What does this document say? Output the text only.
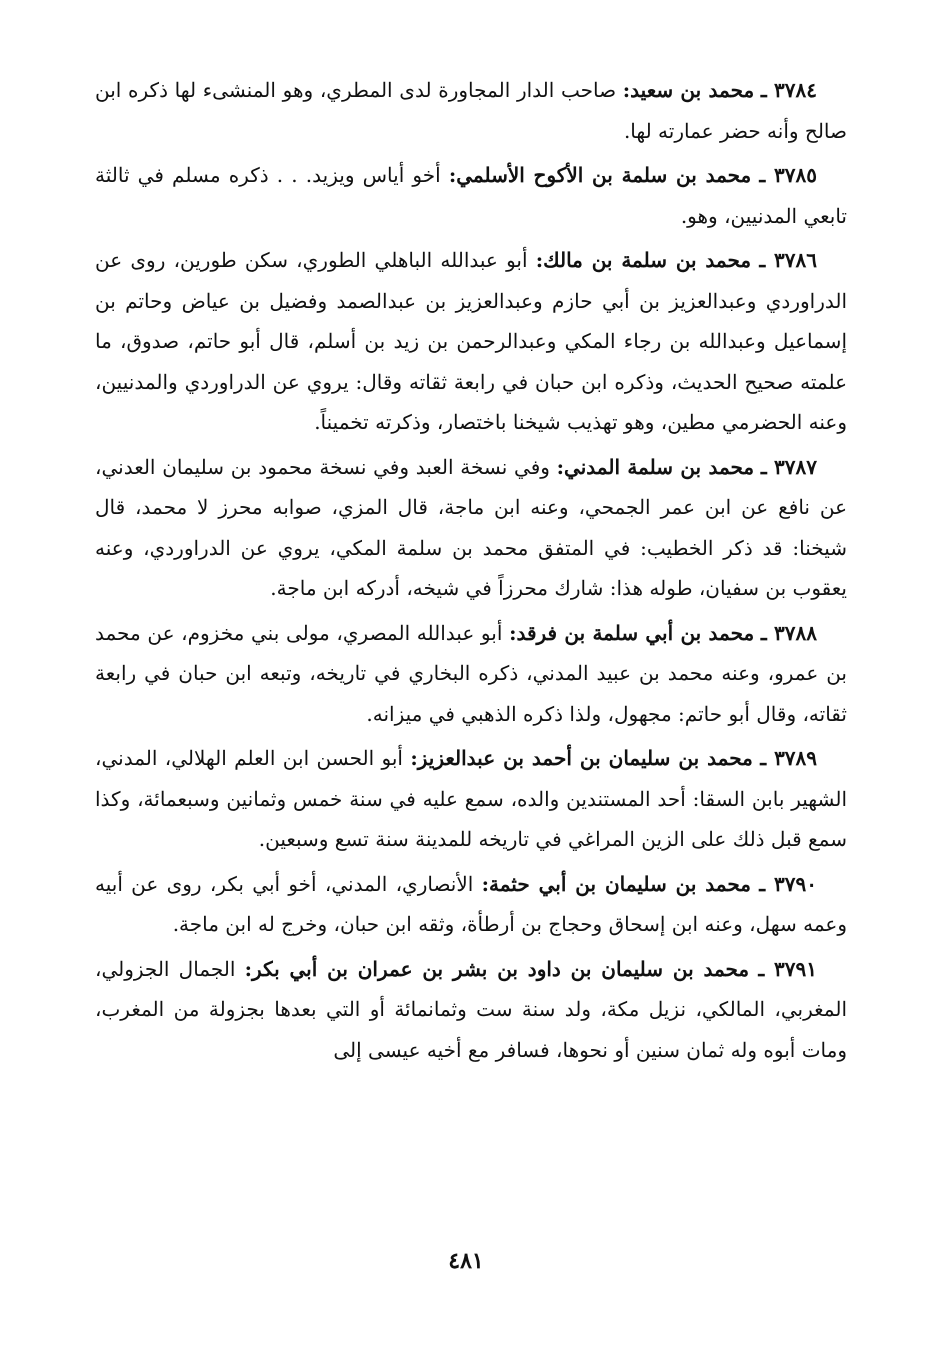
٣٧٨٤ ـ محمد بن سعيد: صاحب الدار المجاورة لدى المطري، وهو المنشىء لها ذكره ابن صالح وأنه حضر عمارته لها.

٣٧٨٥ ـ محمد بن سلمة بن الأكوح الأسلمي: أخو أياس ويزيد. . . ذكره مسلم في ثالثة تابعي المدنيين، وهو.

٣٧٨٦ ـ محمد بن سلمة بن مالك: أبو عبدالله الباهلي الطوري، سكن طورين، روى عن الدراوردي وعبدالعزيز بن أبي حازم وعبدالعزيز بن عبدالصمد وفضيل بن عياض وحاتم بن إسماعيل وعبدالله بن رجاء المكي وعبدالرحمن بن زيد بن أسلم، قال أبو حاتم، صدوق، ما علمته صحيح الحديث، وذكره ابن حبان في رابعة ثقاته وقال: يروي عن الدراوردي والمدنيين، وعنه الحضرمي مطين، وهو تهذيب شيخنا باختصار، وذكرته تخميناً.

٣٧٨٧ ـ محمد بن سلمة المدني: وفي نسخة العبد وفي نسخة محمود بن سليمان العدني، عن نافع عن ابن عمر الجمحي، وعنه ابن ماجة، قال المزي، صوابه محرز لا محمد، قال شيخنا: قد ذكر الخطيب: في المتفق محمد بن سلمة المكي، يروي عن الدراوردي، وعنه يعقوب بن سفيان، طوله هذا: شارك محرزاً في شيخه، أدركه ابن ماجة.

٣٧٨٨ ـ محمد بن أبي سلمة بن فرقد: أبو عبدالله المصري، مولى بني مخزوم، عن محمد بن عمرو، وعنه محمد بن عبيد المدني، ذكره البخاري في تاريخه، وتبعه ابن حبان في رابعة ثقاته، وقال أبو حاتم: مجهول، ولذا ذكره الذهبي في ميزانه.

٣٧٨٩ ـ محمد بن سليمان بن أحمد بن عبدالعزيز: أبو الحسن ابن العلم الهلالي، المدني، الشهير بابن السقا: أحد المستندين والده، سمع عليه في سنة خمس وثمانين وسبعمائة، وكذا سمع قبل ذلك على الزين المراغي في تاريخه للمدينة سنة تسع وسبعين.

٣٧٩٠ ـ محمد بن سليمان بن أبي حثمة: الأنصاري، المدني، أخو أبي بكر، روى عن أبيه وعمه سهل، وعنه ابن إسحاق وحجاج بن أرطأة، وثقه ابن حبان، وخرج له ابن ماجة.

٣٧٩١ ـ محمد بن سليمان بن داود بن بشر بن عمران بن أبي بكر: الجمال الجزولي، المغربي، المالكي، نزيل مكة، ولد سنة ست وثمانمائة أو التي بعدها بجزولة من المغرب، ومات أبوه وله ثمان سنين أو نحوها، فسافر مع أخيه عيسى إلى

٤٨١
